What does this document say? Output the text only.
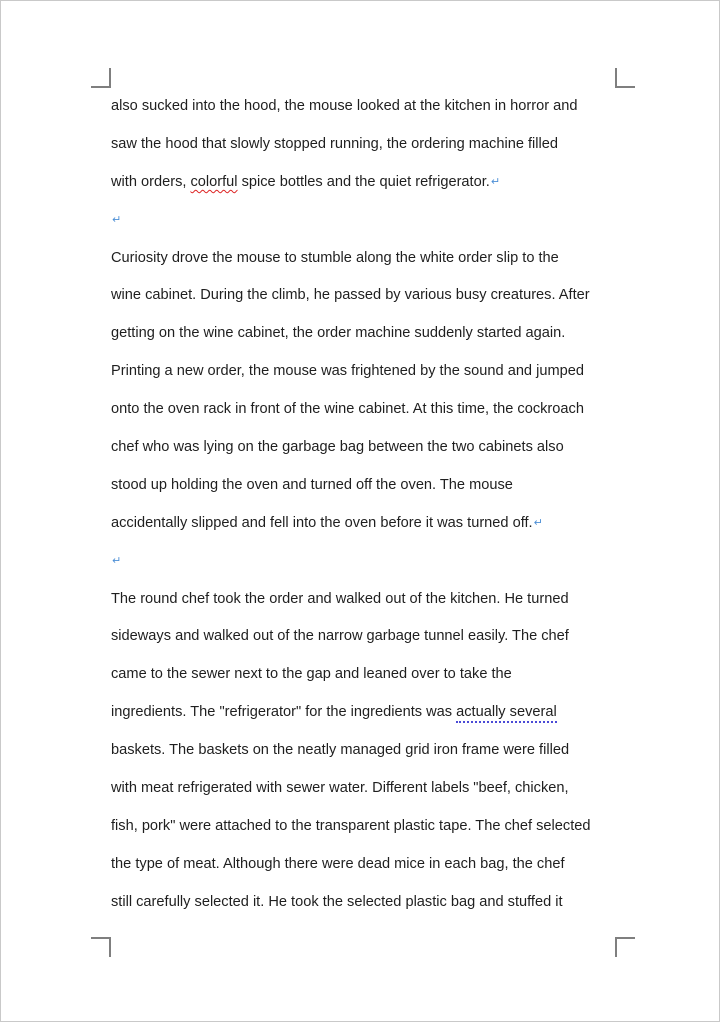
also sucked into the hood, the mouse looked at the kitchen in horror and
saw the hood that slowly stopped running, the ordering machine filled
with orders, colorful spice bottles and the quiet refrigerator.↵
↵
Curiosity drove the mouse to stumble along the white order slip to the
wine cabinet. During the climb, he passed by various busy creatures. After
getting on the wine cabinet, the order machine suddenly started again.
Printing a new order, the mouse was frightened by the sound and jumped
onto the oven rack in front of the wine cabinet. At this time, the cockroach
chef who was lying on the garbage bag between the two cabinets also
stood up holding the oven and turned off the oven. The mouse
accidentally slipped and fell into the oven before it was turned off.↵
↵
The round chef took the order and walked out of the kitchen. He turned
sideways and walked out of the narrow garbage tunnel easily. The chef
came to the sewer next to the gap and leaned over to take the
ingredients. The "refrigerator" for the ingredients was actually several
baskets. The baskets on the neatly managed grid iron frame were filled
with meat refrigerated with sewer water. Different labels "beef, chicken,
fish, pork" were attached to the transparent plastic tape. The chef selected
the type of meat. Although there were dead mice in each bag, the chef
still carefully selected it. He took the selected plastic bag and stuffed it
